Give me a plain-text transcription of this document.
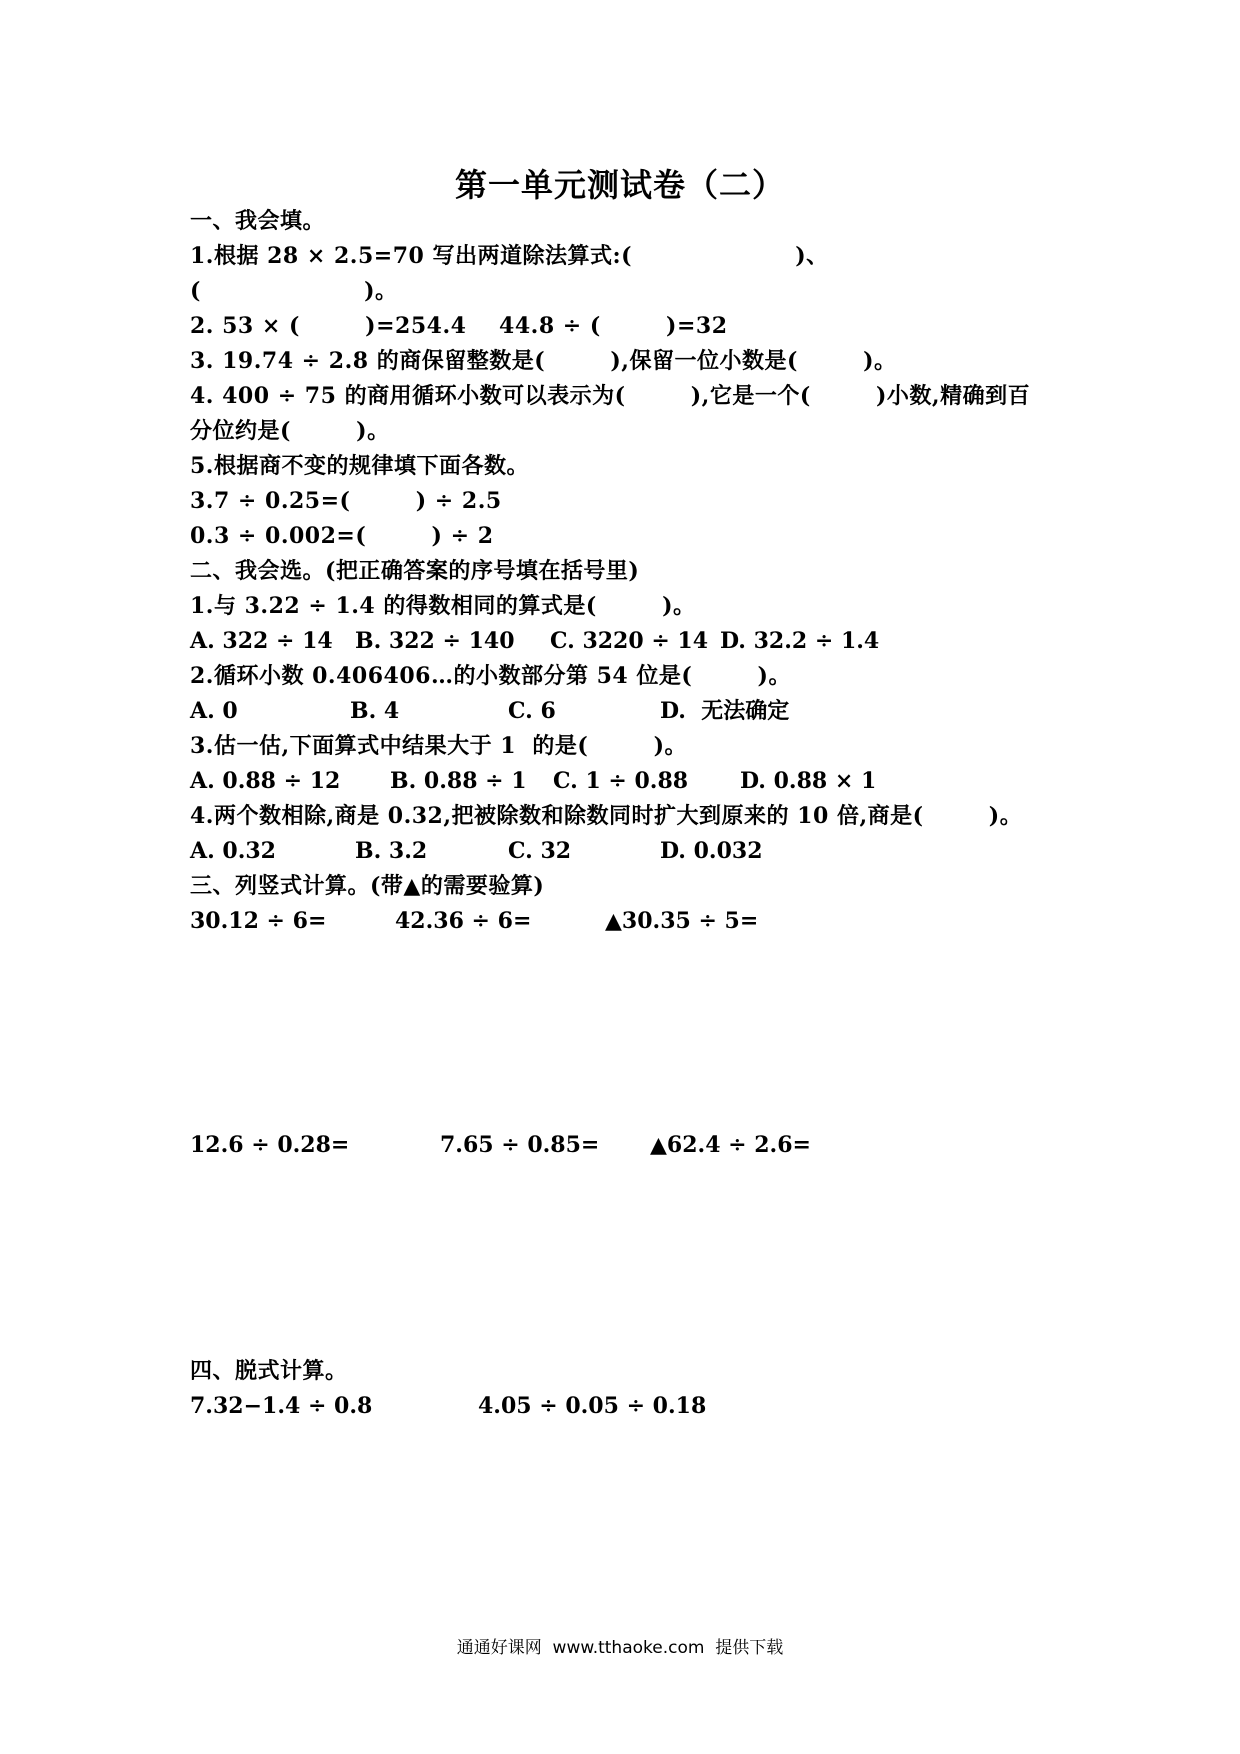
第一单元测试卷（二）
一、我会填。
1.根据 28 × 2.5=70 写出两道除法算式:(                    )、
(                    )。
2. 53 × (        )=254.4    44.8 ÷ (        )=32
3. 19.74 ÷ 2.8 的商保留整数是(        ),保留一位小数是(        )。
4. 400 ÷ 75 的商用循环小数可以表示为(        ),它是一个(        )小数,精确到百
分位约是(        )。
5.根据商不变的规律填下面各数。
3.7 ÷ 0.25=(        ) ÷ 2.5
0.3 ÷ 0.002=(        ) ÷ 2
二、我会选。(把正确答案的序号填在括号里)
1.与 3.22 ÷ 1.4 的得数相同的算式是(        )。
A. 322 ÷ 14 B. 322 ÷ 140 C. 3220 ÷ 14 D. 32.2 ÷ 1.4
2.循环小数 0.406406…的小数部分第 54 位是(        )。
A. 0	B. 4	C. 6	D.  无法确定
3.估一估,下面算式中结果大于 1  的是(        )。
A. 0.88 ÷ 12 B. 0.88 ÷ 1 C. 1 ÷ 0.88 D. 0.88 × 1
4.两个数相除,商是 0.32,把被除数和除数同时扩大到原来的 10 倍,商是(        )。
A. 0.32	B. 3.2	C. 32	D. 0.032
三、列竖式计算。(带▲的需要验算)
30.12 ÷ 6=	42.36 ÷ 6=	▲30.35 ÷ 5=
12.6 ÷ 0.28=	7.65 ÷ 0.85= ▲62.4 ÷ 2.6=
四、脱式计算。
7.32−1.4 ÷ 0.8	4.05 ÷ 0.05 ÷ 0.18
通通好课网  www.tthaoke.com  提供下载
